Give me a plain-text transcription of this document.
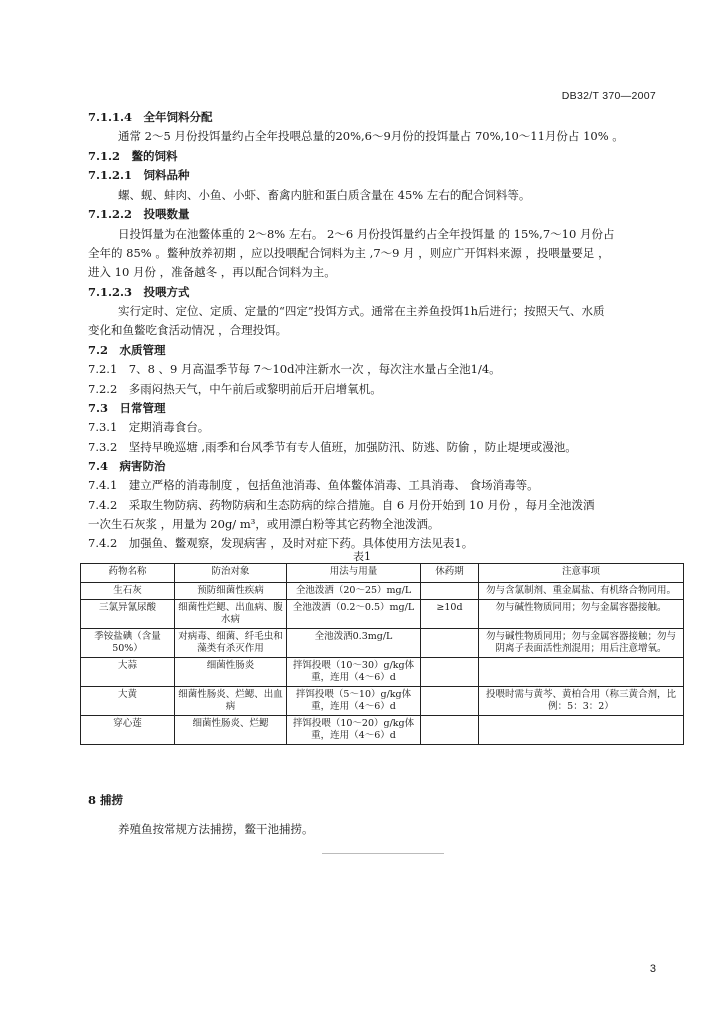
DB32/T 370—2007
7.1.1.4　全年饲料分配
通常 2～5 月份投饵量约占全年投喂总量的20%,6～9月份的投饵量占 70%,10～11月份占 10% 。
7.1.2　鳖的饲料
7.1.2.1　饲料品种
螺、蚬、蚌肉、小鱼、小虾、畜禽内脏和蛋白质含量在 45% 左右的配合饲料等。
7.1.2.2　投喂数量
日投饵量为在池鳖体重的 2～8% 左右。 2～6 月份投饵量约占全年投饵量 的 15%,7～10 月份占
全年的 85% 。鳖种放养初期 ，应以投喂配合饲料为主 ,7～9 月 ，则应广开饵料来源 ，投喂量要足 ，
进入 10 月份 ，准备越冬 ，再以配合饲料为主。
7.1.2.3　投喂方式
实行定时、定位、定质、定量的“四定”投饵方式。通常在主养鱼投饵1h后进行；按照天气、水质
变化和鱼鳖吃食活动情况 ，合理投饵。
7.2　水质管理
7.2.1　7、8 、9 月高温季节每 7～10d冲注新水一次 ，每次注水量占全池1/4。
7.2.2　多雨闷热天气，中午前后或黎明前后开启增氧机。
7.3　日常管理
7.3.1　定期消毒食台。
7.3.2　坚持早晚巡塘 ,雨季和台风季节有专人值班，加强防汛、防逃、防偷 ，防止堤埂或漫池。
7.4　病害防治
7.4.1　建立严格的消毒制度 ，包括鱼池消毒、鱼体鳖体消毒、工具消毒、 食场消毒等。
7.4.2　采取生物防病、药物防病和生态防病的综合措施。自 6 月份开始到 10 月份 ，每月全池泼洒
一次生石灰浆 ，用量为 20g/ m³，或用漂白粉等其它药物全池泼洒。
7.4.2　加强鱼、鳖观察，发现病害 ，及时对症下药。具体使用方法见表1。
表1
药物名称	防治对象	用法与用量	休药期	注意事项
生石灰	预防细菌性疾病	全池泼洒（20～25）mg/L		勿与含氯制剂、重金属盐、有机络合物同用。
三氯异氰尿酸	细菌性烂鳃、出血病、腹水病	全池泼洒（0.2～0.5）mg/L	≥10d	勿与碱性物质同用；勿与金属容器接触。
季铵盐碘（含量50%）	对病毒、细菌、纤毛虫和藻类有杀灭作用	全池泼洒0.3mg/L		勿与碱性物质同用；勿与金属容器接触；勿与阴离子表面活性剂混用；用后注意增氧。
大蒜	细菌性肠炎	拌饵投喂（10～30）g/kg体重，连用（4～6）d		
大黄	细菌性肠炎、烂鳃、出血病	拌饵投喂（5～10）g/kg体重，连用（4～6）d		投喂时需与黄芩、黄柏合用（称三黄合剂，比例：5：3：2）
穿心莲	细菌性肠炎、烂鳃	拌饵投喂（10～20）g/kg体重，连用（4～6）d		
8 捕捞
养殖鱼按常规方法捕捞，鳖干池捕捞。
3
